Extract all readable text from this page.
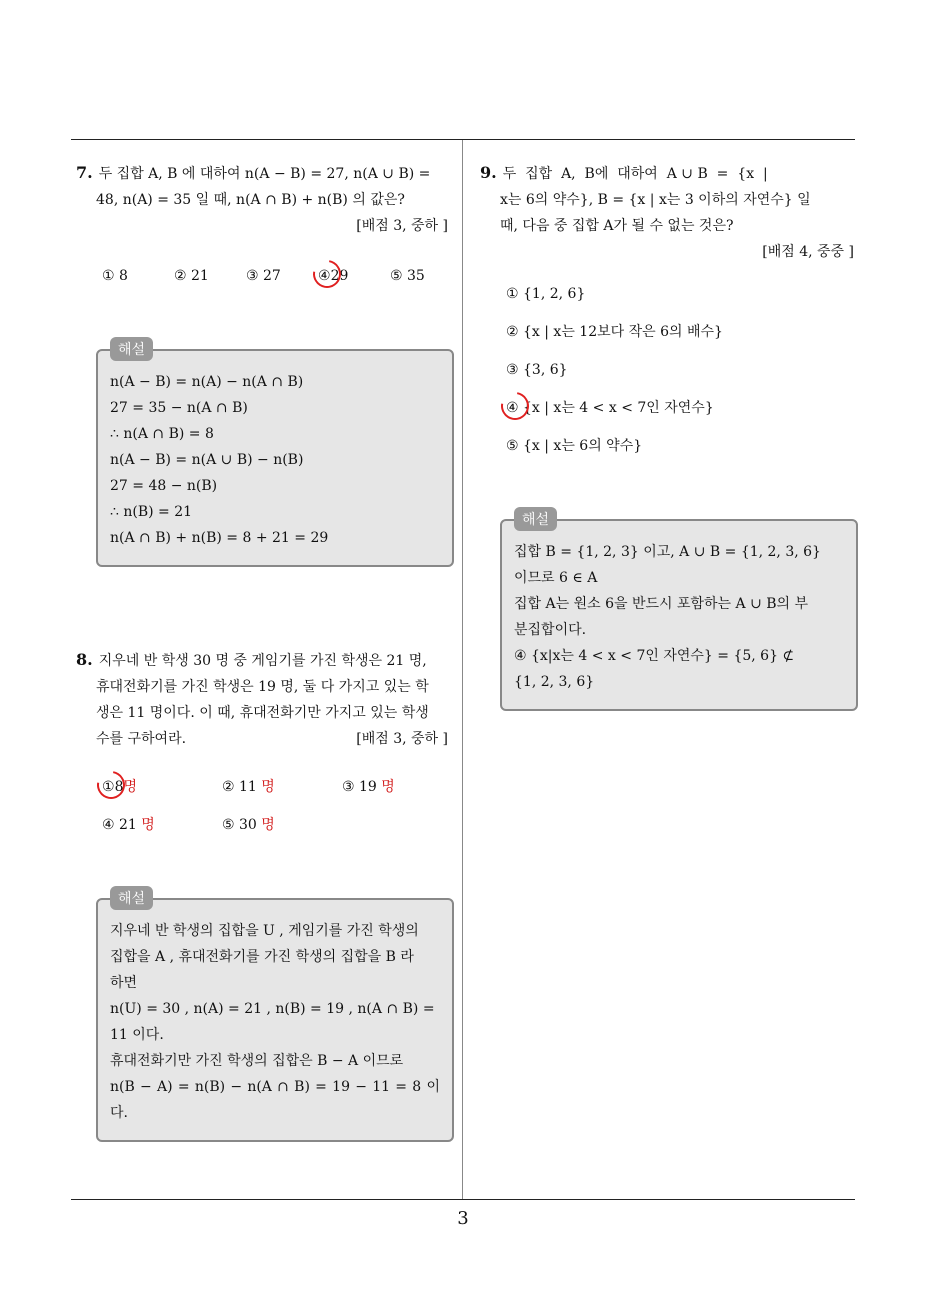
7. 두 집합 A, B 에 대하여 n(A − B) = 27, n(A ∪ B) =
48, n(A) = 35 일 때, n(A ∩ B) + n(B) 의 값은?
[배점 3, 중하 ]
① 8	② 21	③ 27	④29	⑤ 35
해설
n(A − B) = n(A) − n(A ∩ B)
27 = 35 − n(A ∩ B)
∴ n(A ∩ B) = 8
n(A − B) = n(A ∪ B) − n(B)
27 = 48 − n(B)
∴ n(B) = 21
n(A ∩ B) + n(B) = 8 + 21 = 29
8. 지우네 반 학생 30 명 중 게임기를 가진 학생은 21 명,
휴대전화기를 가진 학생은 19 명, 둘 다 가지고 있는 학
생은 11 명이다. 이 때, 휴대전화기만 가지고 있는 학생
수를 구하여라.	[배점 3, 중하 ]
①8명	② 11 명	③ 19 명
④ 21 명	⑤ 30 명
해설
지우네 반 학생의 집합을 U , 게임기를 가진 학생의
집합을 A , 휴대전화기를 가진 학생의 집합을 B 라
하면
n(U) = 30 , n(A) = 21 , n(B) = 19 , n(A ∩ B) =
11 이다.
휴대전화기만 가진 학생의 집합은 B − A 이므로
n(B − A) = n(B) − n(A ∩ B) = 19 − 11 = 8 이다.
9. 두  집합  A,  B에  대하여  A ∪ B  =  {x  |
x는 6의 약수}, B = {x | x는 3 이하의 자연수} 일
때, 다음 중 집합 A가 될 수 없는 것은?
[배점 4, 중중 ]
① {1, 2, 6}
② {x | x는 12보다 작은 6의 배수}
③ {3, 6}
④ {x | x는 4 < x < 7인 자연수}
⑤ {x | x는 6의 약수}
해설
집합 B = {1, 2, 3} 이고, A ∪ B = {1, 2, 3, 6}
이므로 6 ∈ A
집합 A는 원소 6을 반드시 포함하는 A ∪ B의 부
분집합이다.
④ {x|x는 4 < x < 7인 자연수} = {5, 6} ⊄
{1, 2, 3, 6}
3
